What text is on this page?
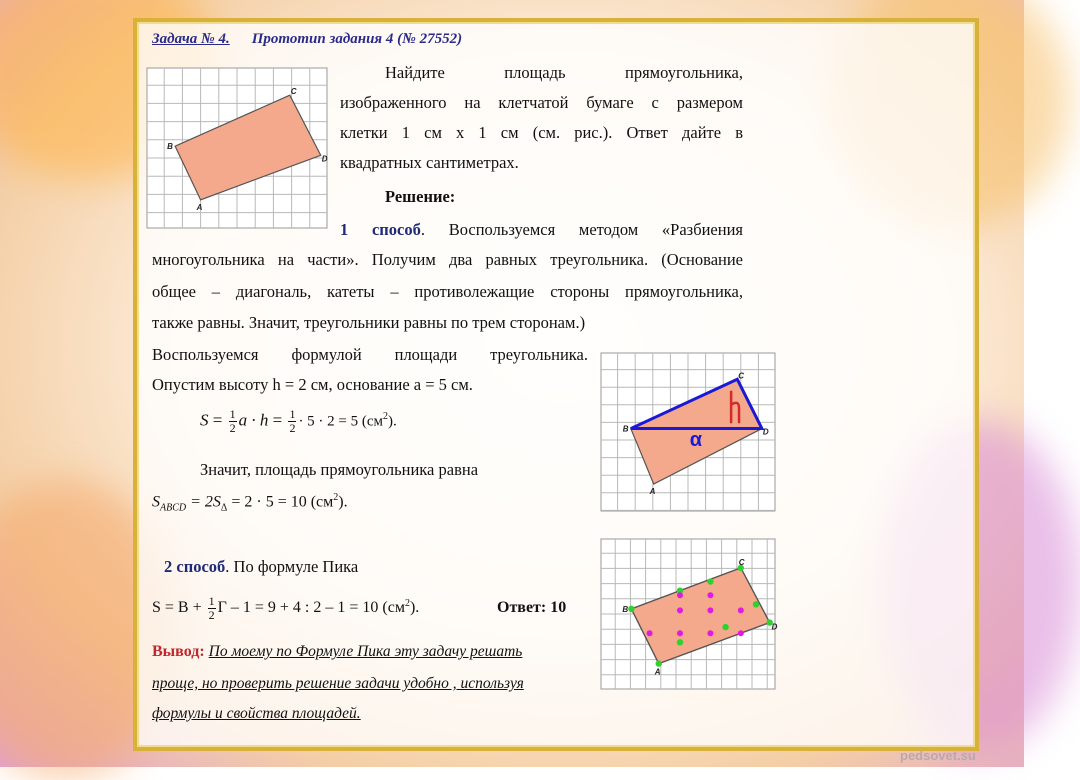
Задача № 4. Прототип задания 4 (№ 27552)
A
B
C
D
Найдите	площадь	прямоугольника,
изображенного на клетчатой бумаге с размером
клетки 1 см х 1 см (см. рис.). Ответ дайте в
квадратных сантиметрах.
Решение:
1 способ. Воспользуемся методом «Разбиения
многоугольника на части». Получим два равных треугольника. (Основание
общее – диагональ, катеты – противолежащие стороны прямоугольника,
также равны. Значит, треугольники равны по трем сторонам.)
Воспользуемся формулой площади треугольника.
Опустим высоту h = 2 см, основание а = 5 см.
$S = \frac{1}{2}$ $a \cdot h = \frac{1}{2} \cdot 5 \cdot 2 = 5$ $(см^2)$.
Значит, площадь прямоугольника равна
$S_{ABCD} = 2S_\Delta = 2 \cdot 5 = 10$ $(см^2)$.
α
A
B
C
D
2 способ. По формуле Пика
$S = В + \frac{1}{2}$ Г – 1 = 9 + 4 : 2 – 1 = 10 $(см^2)$.	Ответ: 10
A
B
C
D
Вывод: По моему по Формуле Пика эту задачу решать
проще, но проверить решение задачи удобно , используя
формулы и свойства площадей.
pedsovet.su
